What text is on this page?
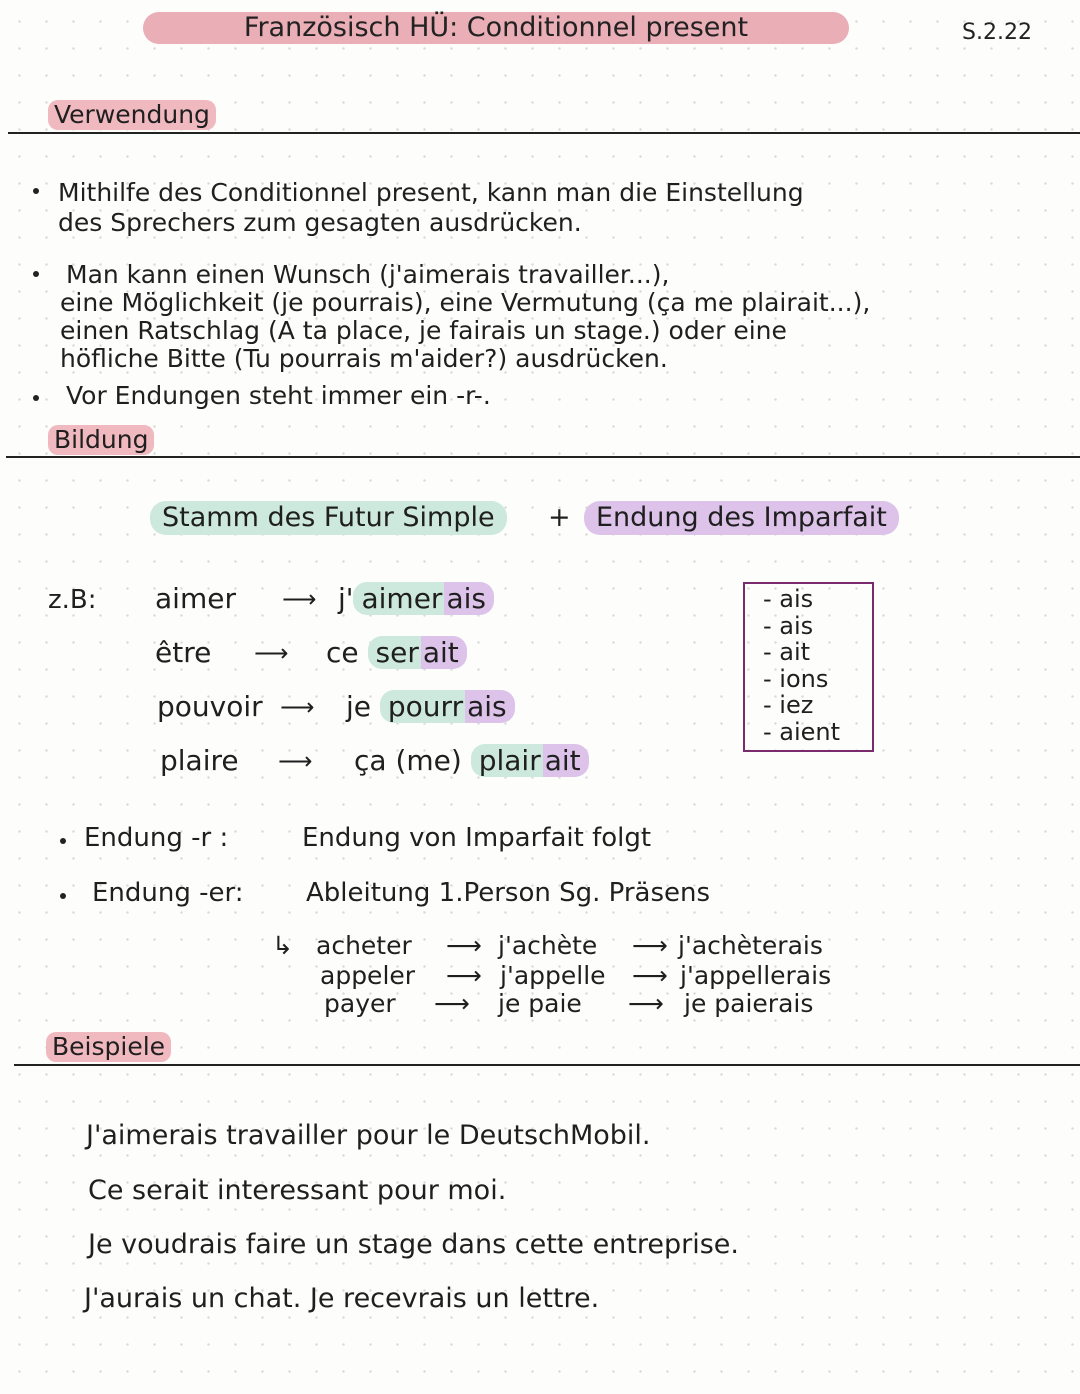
Französisch HÜ: Conditionnel present	S.2.22
Verwendung
Mithilfe des Conditionnel present, kann man die Einstellung
des Sprechers zum gesagten ausdrücken.
Man kann einen Wunsch (j'aimerais travailler...),
eine Möglichkeit (je pourrais), eine Vermutung (ça me plairait...),
einen Ratschlag (A ta place, je fairais un stage.) oder eine
höfliche Bitte (Tu pourrais m'aider?) ausdrücken.
Vor Endungen steht immer ein -r-.
Bildung
Stamm des Futur Simple	+ Endung des Imparfait
z.B: aimer ⟶ j' aimer ais
être ⟶ ce ser ait
pouvoir ⟶ je pourr ais
plaire ⟶ ça (me) plair ait
- ais
- ais
- ait
- ions
- iez
- aient
Endung -r :	Endung von Imparfait folgt
Endung -er: Ableitung 1.Person Sg. Präsens
↳ acheter ⟶ j'achète ⟶ j'achèterais
appeler ⟶ j'appelle ⟶ j'appellerais
payer ⟶ je paie ⟶ je paierais
Beispiele
J'aimerais travailler pour le DeutschMobil.
Ce serait interessant pour moi.
Je voudrais faire un stage dans cette entreprise.
J'aurais un chat. Je recevrais un lettre.
